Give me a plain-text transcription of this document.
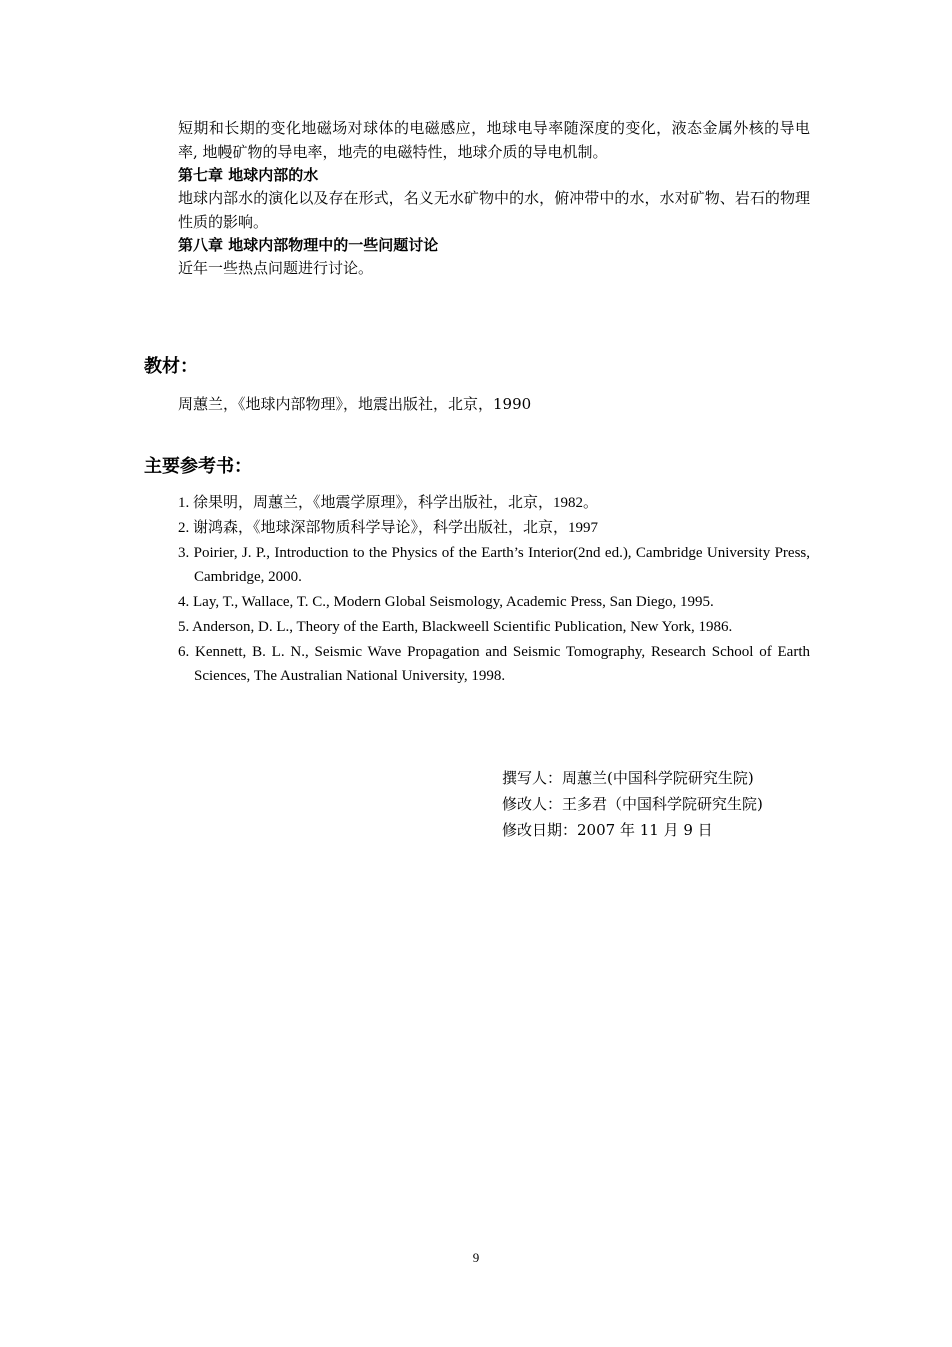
短期和长期的变化地磁场对球体的电磁感应，地球电导率随深度的变化，液态金属外核的导电率, 地幔矿物的导电率，地壳的电磁特性，地球介质的导电机制。

第七章 地球内部的水

地球内部水的演化以及存在形式，名义无水矿物中的水，俯冲带中的水，水对矿物、岩石的物理性质的影响。

第八章 地球内部物理中的一些问题讨论

近年一些热点问题进行讨论。

教材：

周蕙兰，《地球内部物理》，地震出版社，北京，1990

主要参考书：
1. 徐果明，周蕙兰，《地震学原理》，科学出版社，北京，1982。
2. 谢鸿森，《地球深部物质科学导论》，科学出版社，北京，1997
3. Poirier, J. P., Introduction to the Physics of the Earth’s Interior(2nd ed.), Cambridge University Press, Cambridge, 2000.
4. Lay, T., Wallace, T. C., Modern Global Seismology, Academic Press, San Diego, 1995.
5. Anderson, D. L., Theory of the Earth, Blackweell Scientific Publication, New York, 1986.
6. Kennett, B. L. N., Seismic Wave Propagation and Seismic Tomography, Research School of Earth Sciences, The Australian National University, 1998.
撰写人：周蕙兰(中国科学院研究生院)
修改人：王多君（中国科学院研究生院)
修改日期：2007 年 11 月 9 日
9
